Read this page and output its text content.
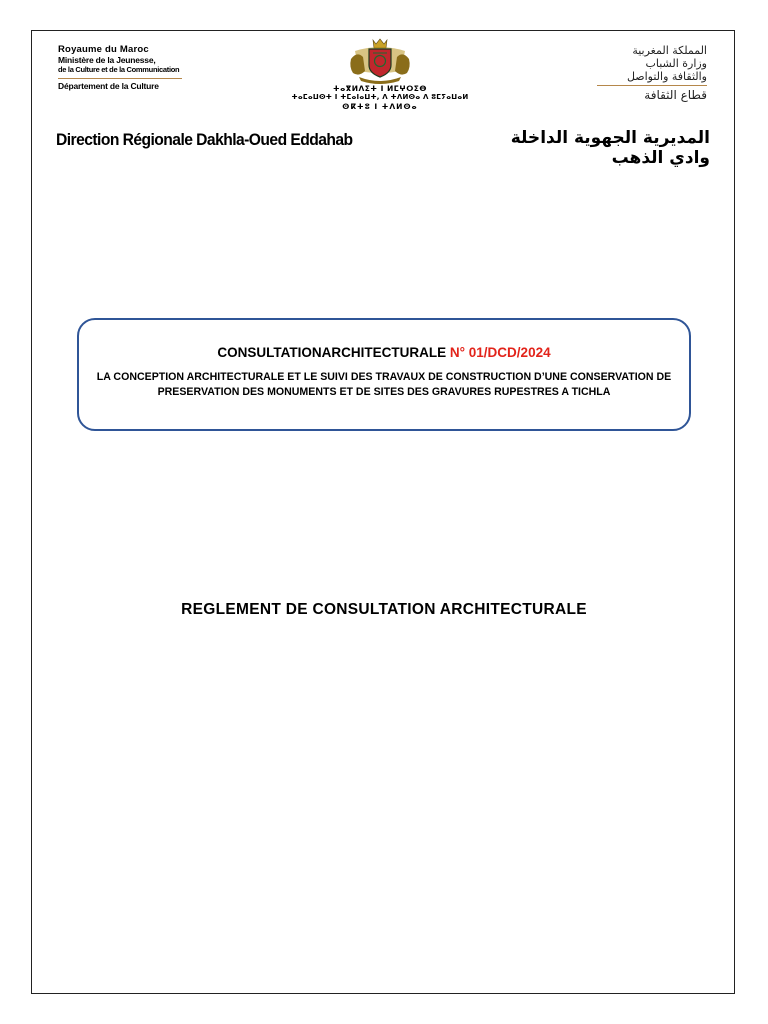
Royaume du Maroc
Ministère de la Jeunesse,
de la Culture et de la Communication
Département de la Culture	ⵜⴰⴳⵍⴷⵉⵜ ⵏ ⵍⵎⵖⵔⵉⴱ
ⵜⴰⵎⴰⵡⵙⵜ ⵏ ⵜⵎⴰⵏⴰⵡⵜ, ⴷ ⵜⴷⵍⵙⴰ ⴷ ⵓⵎⵢⴰⵡⴰⵍ
ⵙⴽⵜⵓ ⵏ ⵜⴷⵍⵙⴰ
المملكة المغربية
وزارة الشباب
والثقافة والتواصل
قطاع الثقافة
Direction Régionale Dakhla-Oued Eddahab	المديرية الجهوية الداخلة وادي الذهب
CONSULTATIONARCHITECTURALE N° 01/DCD/2024
LA CONCEPTION ARCHITECTURALE ET LE SUIVI DES TRAVAUX DE CONSTRUCTION D’UNE CONSERVATION DE PRESERVATION DES MONUMENTS ET DE SITES DES GRAVURES RUPESTRES A TICHLA
REGLEMENT DE CONSULTATION ARCHITECTURALE
